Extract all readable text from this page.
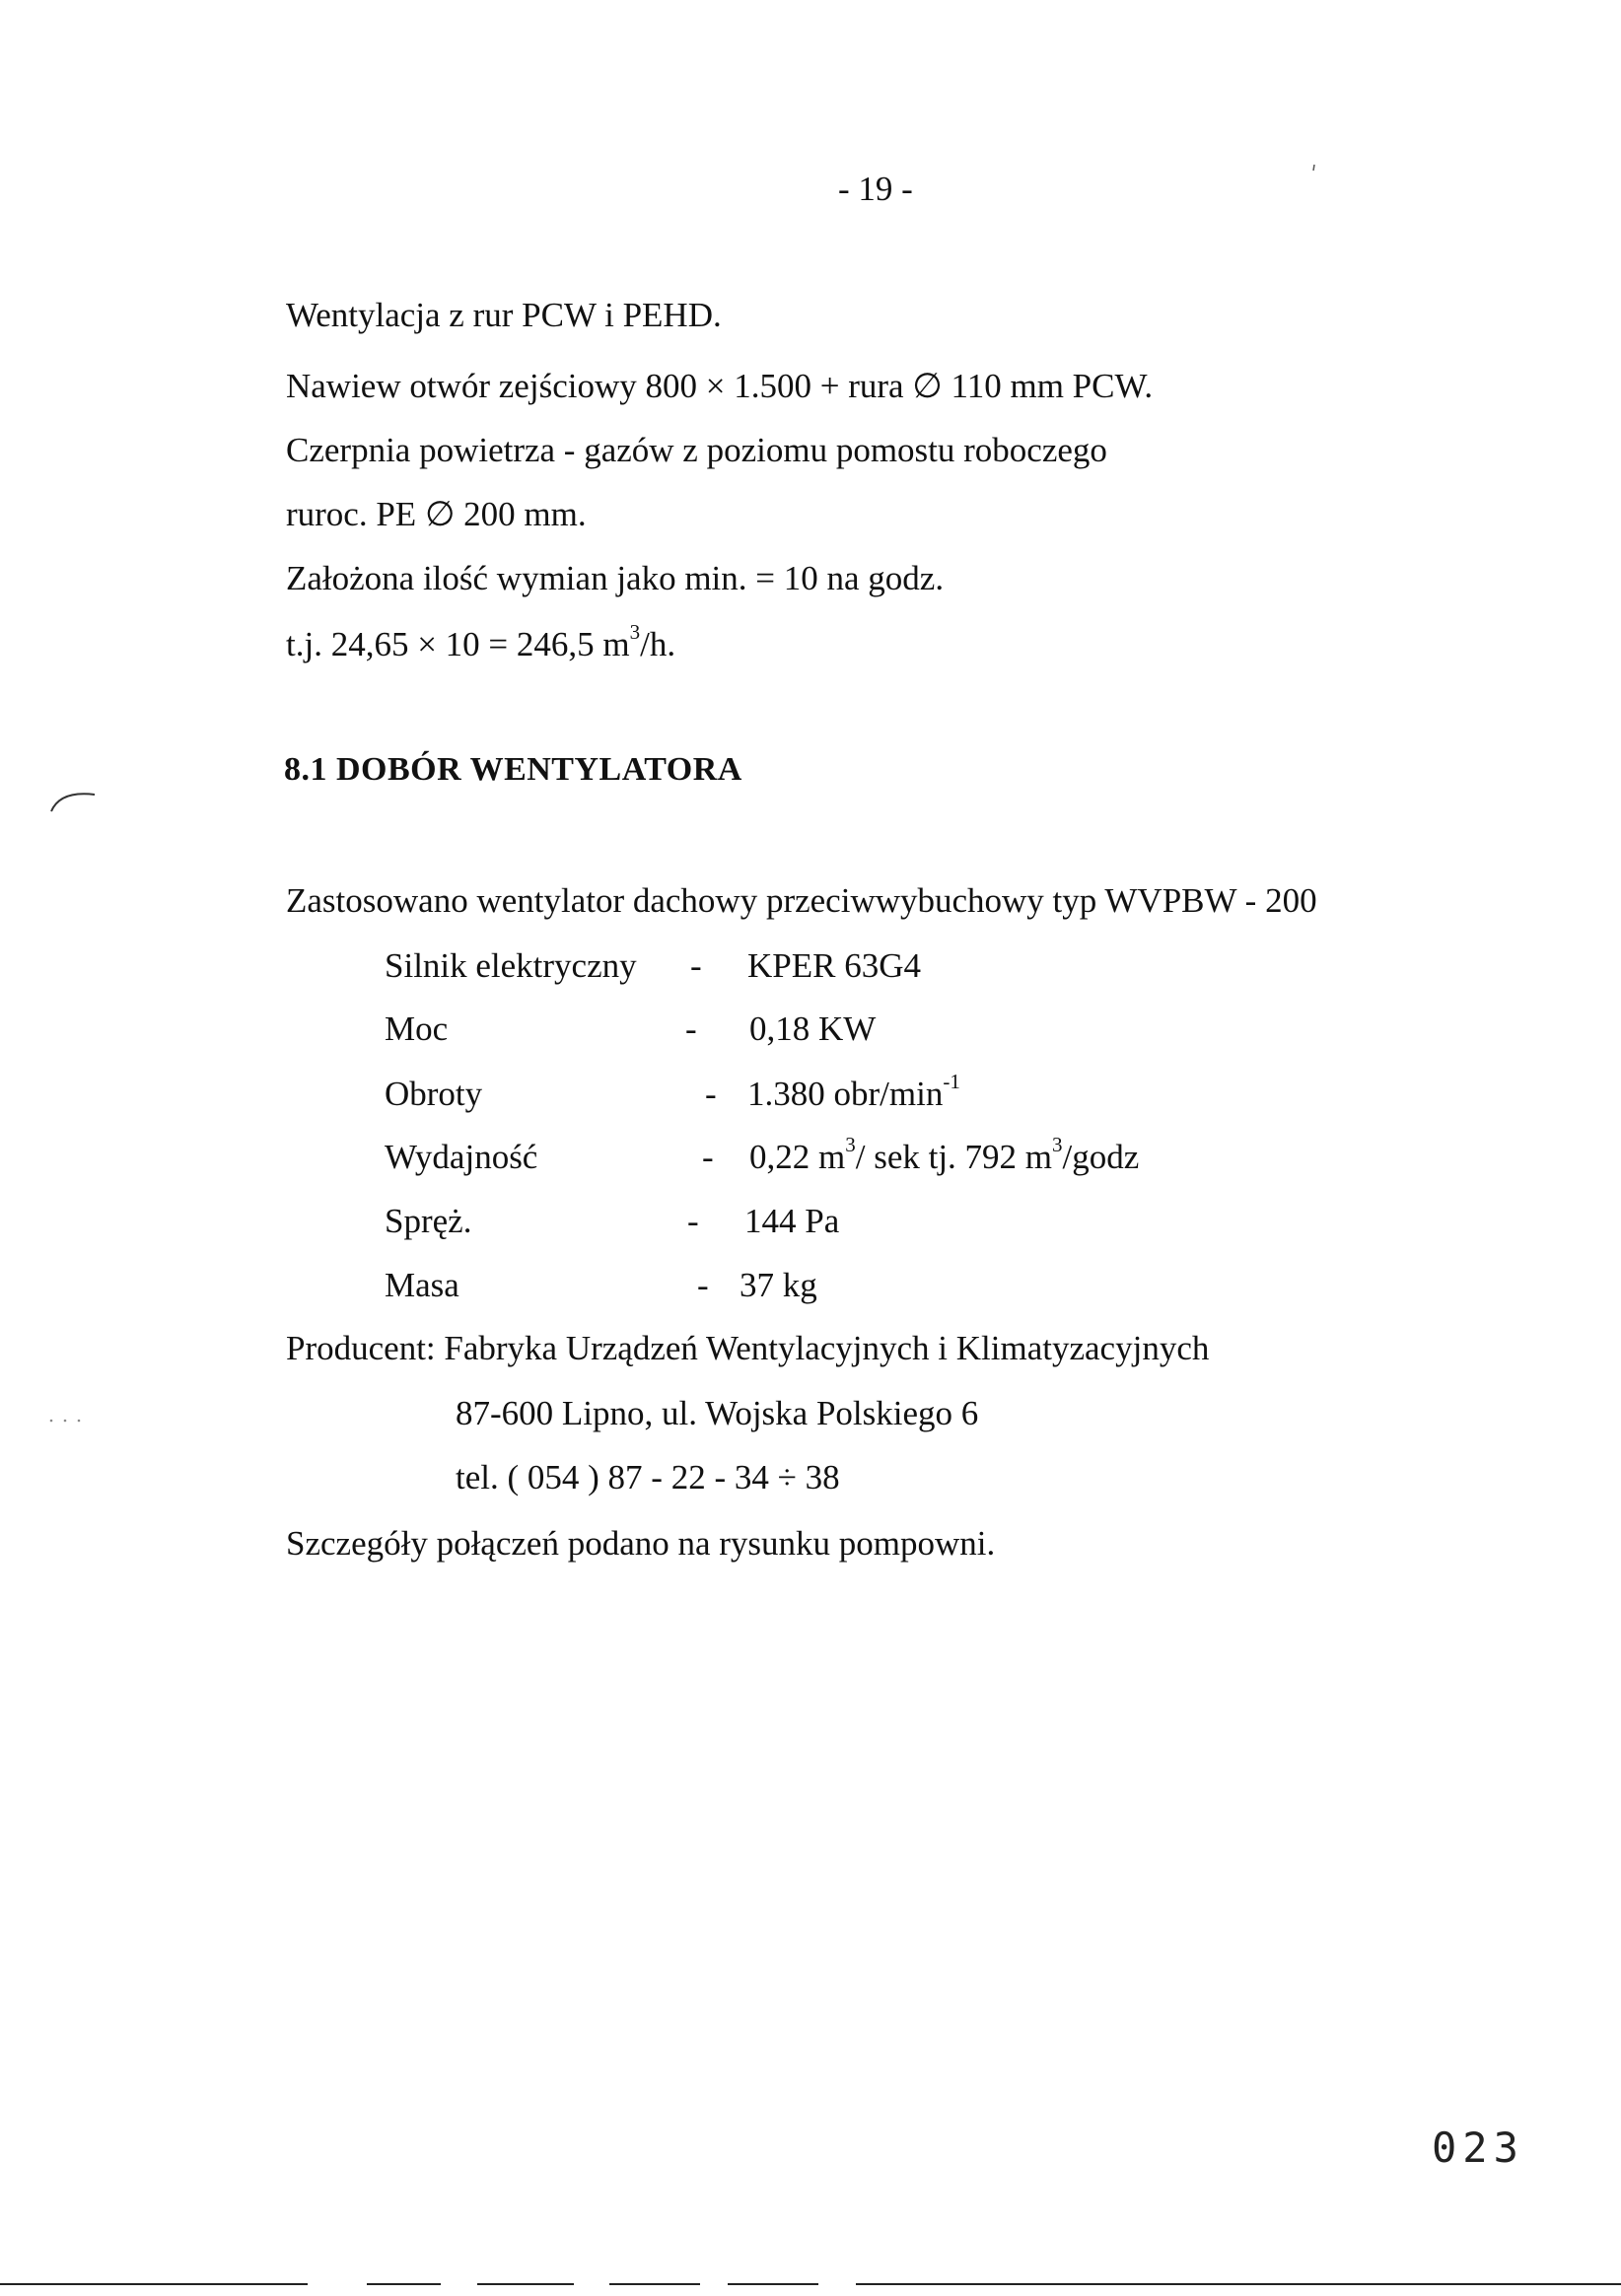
- 19 -
Wentylacja z rur PCW i PEHD.
Nawiew otwór zejściowy 800 × 1.500 + rura ∅ 110 mm PCW.
Czerpnia powietrza - gazów z poziomu pomostu roboczego
ruroc. PE ∅ 200 mm.
Założona ilość wymian jako min. = 10 na godz.
t.j. 24,65 × 10 = 246,5 $m^3/h$.
8.1 DOBÓR WENTYLATORA
Zastosowano wentylator dachowy przeciwwybuchowy typ WVPBW - 200
Silnik elektryczny - KPER 63G4
Moc	- 0,18 KW
Obroty	- 1.380 obr/$\min^{-1}$
Wydajność	- 0,22 $m^3/$ sek tj. 792 $m^3$/godz
Spręż.	- 144 Pa
Masa	- 37 kg
Producent: Fabryka Urządzeń Wentylacyjnych i Klimatyzacyjnych
87-600 Lipno, ul. Wojska Polskiego 6
tel. ( 054 ) 87 - 22 - 34 ÷ 38
Szczegóły połączeń podano na rysunku pompowni.
023
